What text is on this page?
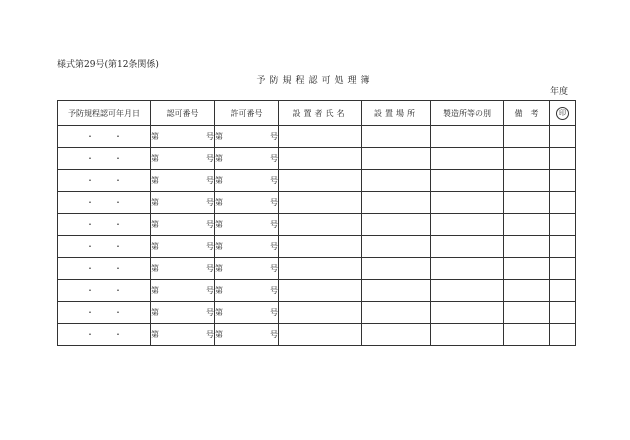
様式第29号(第12条関係)
予防規程認可処理簿
年度
予防規程認可年月日	認可番号	許可番号	設置者氏名	設置場所	製造所等の別	備　考	印
・ ・	第 号	第 号					

・ ・	第 号	第 号					

・ ・	第 号	第 号					

・ ・	第 号	第 号					

・ ・	第 号	第 号					

・ ・	第 号	第 号					

・ ・	第 号	第 号					

・ ・	第 号	第 号					

・ ・	第 号	第 号					

・ ・	第 号	第 号					
